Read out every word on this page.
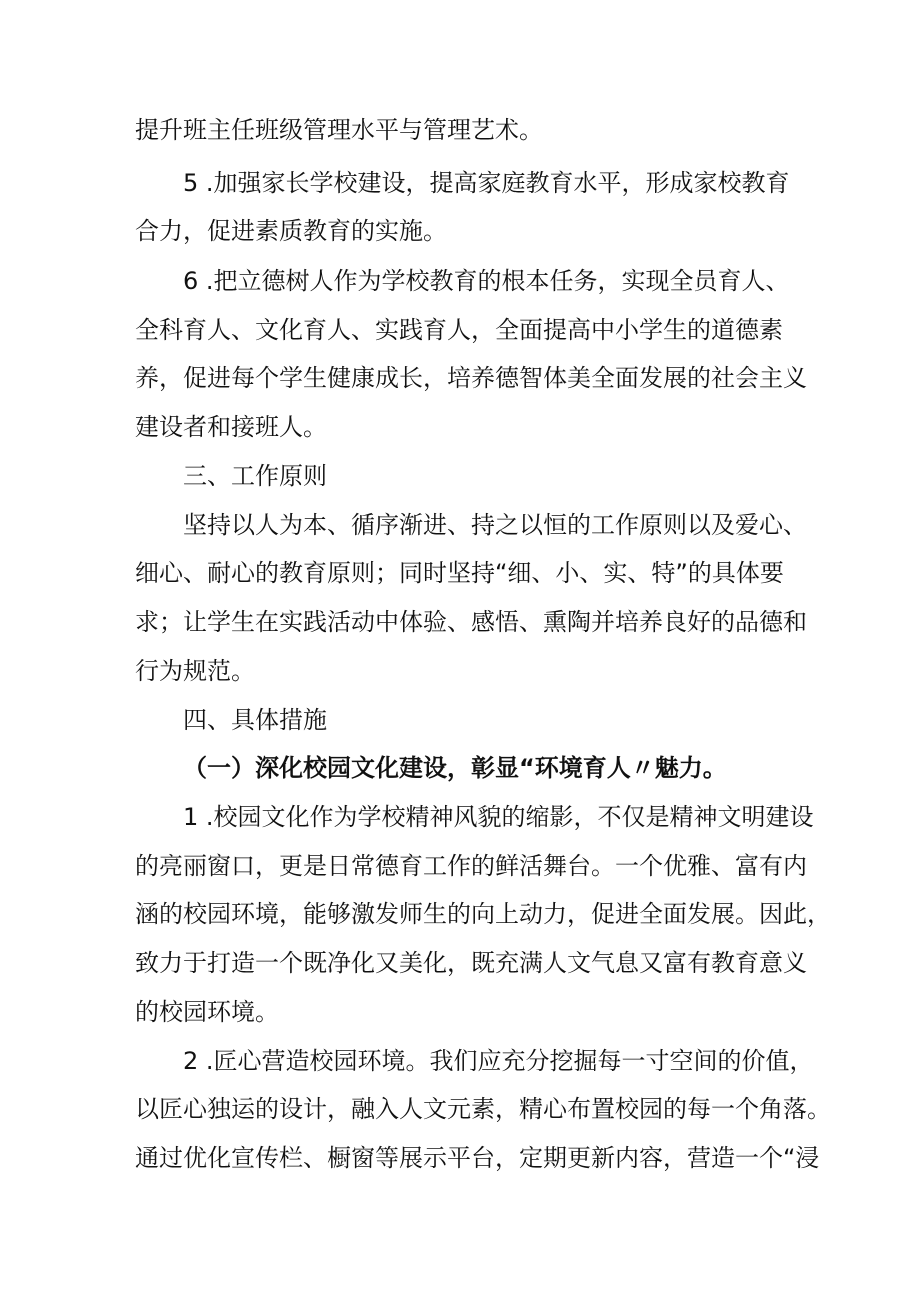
提升班主任班级管理水平与管理艺术。
5 .加强家长学校建设，提高家庭教育水平，形成家校教育
合力，促进素质教育的实施。
6 .把立德树人作为学校教育的根本任务，实现全员育人、
全科育人、文化育人、实践育人，全面提高中小学生的道德素
养，促进每个学生健康成长，培养德智体美全面发展的社会主义
建设者和接班人。
三、工作原则
坚持以人为本、循序渐进、持之以恒的工作原则以及爱心、
细心、耐心的教育原则；同时坚持“细、小、实、特”的具体要
求；让学生在实践活动中体验、感悟、熏陶并培养良好的品德和
行为规范。
四、具体措施
（一）深化校园文化建设，彰显“环境育人〃魅力。
1 .校园文化作为学校精神风貌的缩影，不仅是精神文明建设
的亮丽窗口，更是日常德育工作的鲜活舞台。一个优雅、富有内
涵的校园环境，能够激发师生的向上动力，促进全面发展。因此，
致力于打造一个既净化又美化，既充满人文气息又富有教育意义
的校园环境。
2 .匠心营造校园环境。我们应充分挖掘每一寸空间的价值，
以匠心独运的设计，融入人文元素，精心布置校园的每一个角落。
通过优化宣传栏、橱窗等展示平台，定期更新内容，营造一个“浸
